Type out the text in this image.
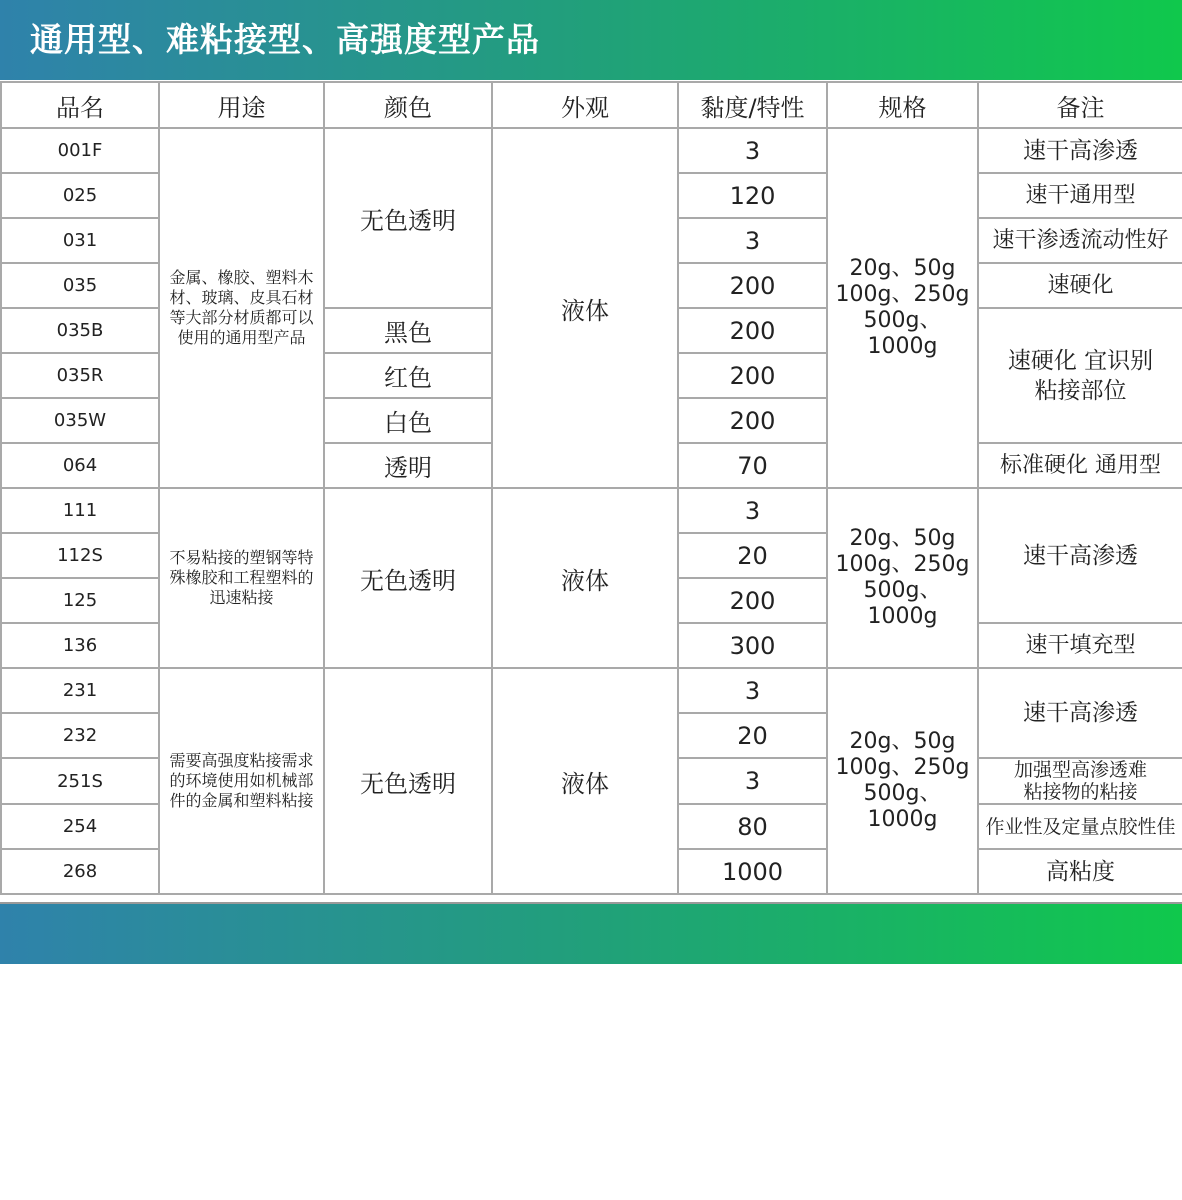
通用型、难粘接型、高强度型产品
品名	用途	颜色	外观	黏度/特性	规格	备注
001F	金属、橡胶、塑料木材、玻璃、皮具石材等大部分材质都可以使用的通用型产品	无色透明	液体	3	20g、50g 100g、250g 500g、1000g	速干高渗透
025				120		速干通用型
031				3		速干渗透流动性好
035				200		速硬化
035B		黑色		200		速硬化 宜识别粘接部位
035R		红色		200		
035W		白色		200		
064		透明		70		标准硬化 通用型
111	不易粘接的塑钢等特殊橡胶和工程塑料的迅速粘接	无色透明	液体	3	20g、50g 100g、250g 500g、1000g	速干高渗透
112S				20		
125				200		
136				300		速干填充型
231	需要高强度粘接需求的环境使用如机械部件的金属和塑料粘接	无色透明	液体	3	20g、50g 100g、250g 500g、1000g	速干高渗透
232				20		
251S				3		加强型高渗透难粘接物的粘接
254				80		作业性及定量点胶性佳
268				1000		高粘度
